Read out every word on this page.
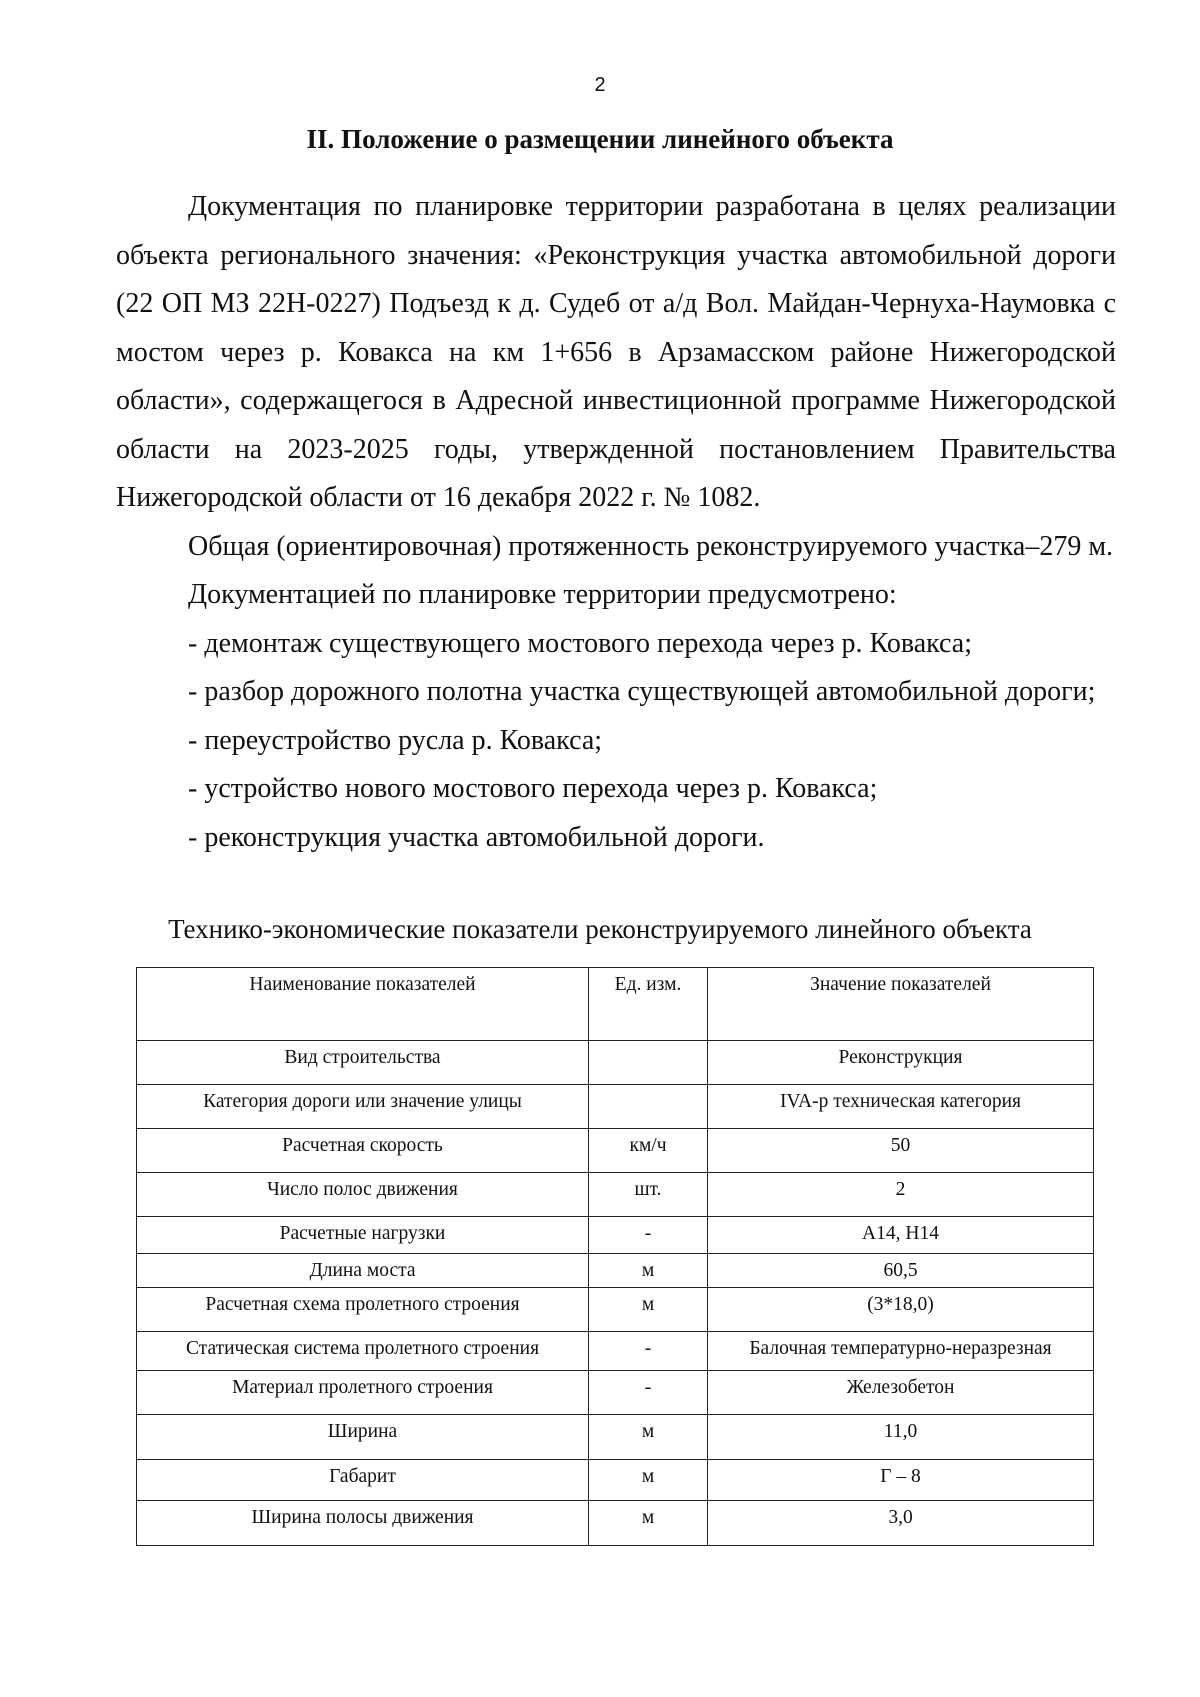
2
II. Положение о размещении линейного объекта

Документация по планировке территории разработана в целях реализации объекта регионального значения: «Реконструкция участка автомобильной дороги (22 ОП МЗ 22Н-0227) Подъезд к д. Судеб от а/д Вол. Майдан-Чернуха-Наумовка с мостом через р. Ковакса на км 1+656 в Арзамасском районе Нижегородской области», содержащегося в Адресной инвестиционной программе Нижегородской области на 2023-2025 годы, утвержденной постановлением Правительства Нижегородской области от 16 декабря 2022 г. № 1082.

Общая (ориентировочная) протяженность реконструируемого участка–279 м.

Документацией по планировке территории предусмотрено:

- демонтаж существующего мостового перехода через р. Ковакса;

- разбор дорожного полотна участка существующей автомобильной дороги;

- переустройство русла р. Ковакса;

- устройство нового мостового перехода через р. Ковакса;

- реконструкция участка автомобильной дороги.

Технико-экономические показатели реконструируемого линейного объекта
Наименование показателей	Ед. изм.	Значение показателей
Вид строительства		Реконструкция
Категория дороги или значение улицы		IVA-р техническая категория
Расчетная скорость	км/ч	50
Число полос движения	шт.	2
Расчетные нагрузки	-	А14, Н14
Длина моста	м	60,5
Расчетная схема пролетного строения	м	(3*18,0)
Статическая система пролетного строения	-	Балочная температурно-неразрезная
Материал пролетного строения	-	Железобетон
Ширина	м	11,0
Габарит	м	Г – 8
Ширина полосы движения	м	3,0
